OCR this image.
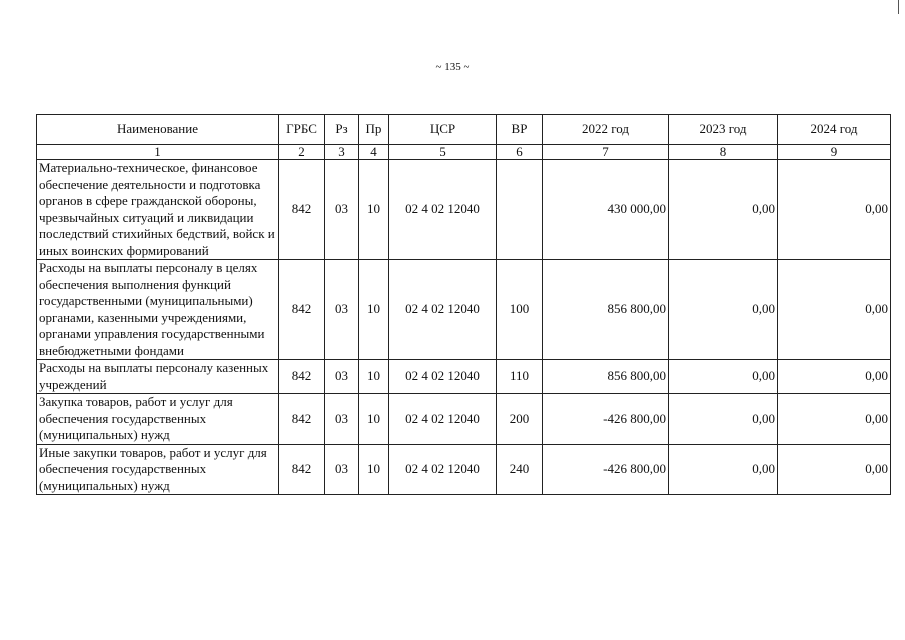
~ 135 ~
Наименование	ГРБС	Рз	Пр	ЦСР	ВР	2022 год	2023 год	2024 год
1	2	3	4	5	6	7	8	9
Материально-техническое, финансовое обеспечение деятельности и подготовка органов в сфере гражданской обороны, чрезвычайных ситуаций и ликвидации последствий стихийных бедствий, войск и иных воинских формирований	842	03	10	02 4 02 12040		430 000,00	0,00	0,00
Расходы на выплаты персоналу в целях обеспечения выполнения функций государственными (муниципальными) органами, казенными учреждениями, органами управления государственными внебюджетными фондами	842	03	10	02 4 02 12040	100	856 800,00	0,00	0,00
Расходы на выплаты персоналу казенных учреждений	842	03	10	02 4 02 12040	110	856 800,00	0,00	0,00
Закупка товаров, работ и услуг для обеспечения государственных (муниципальных) нужд	842	03	10	02 4 02 12040	200	-426 800,00	0,00	0,00
Иные закупки товаров, работ и услуг для обеспечения государственных (муниципальных) нужд	842	03	10	02 4 02 12040	240	-426 800,00	0,00	0,00
